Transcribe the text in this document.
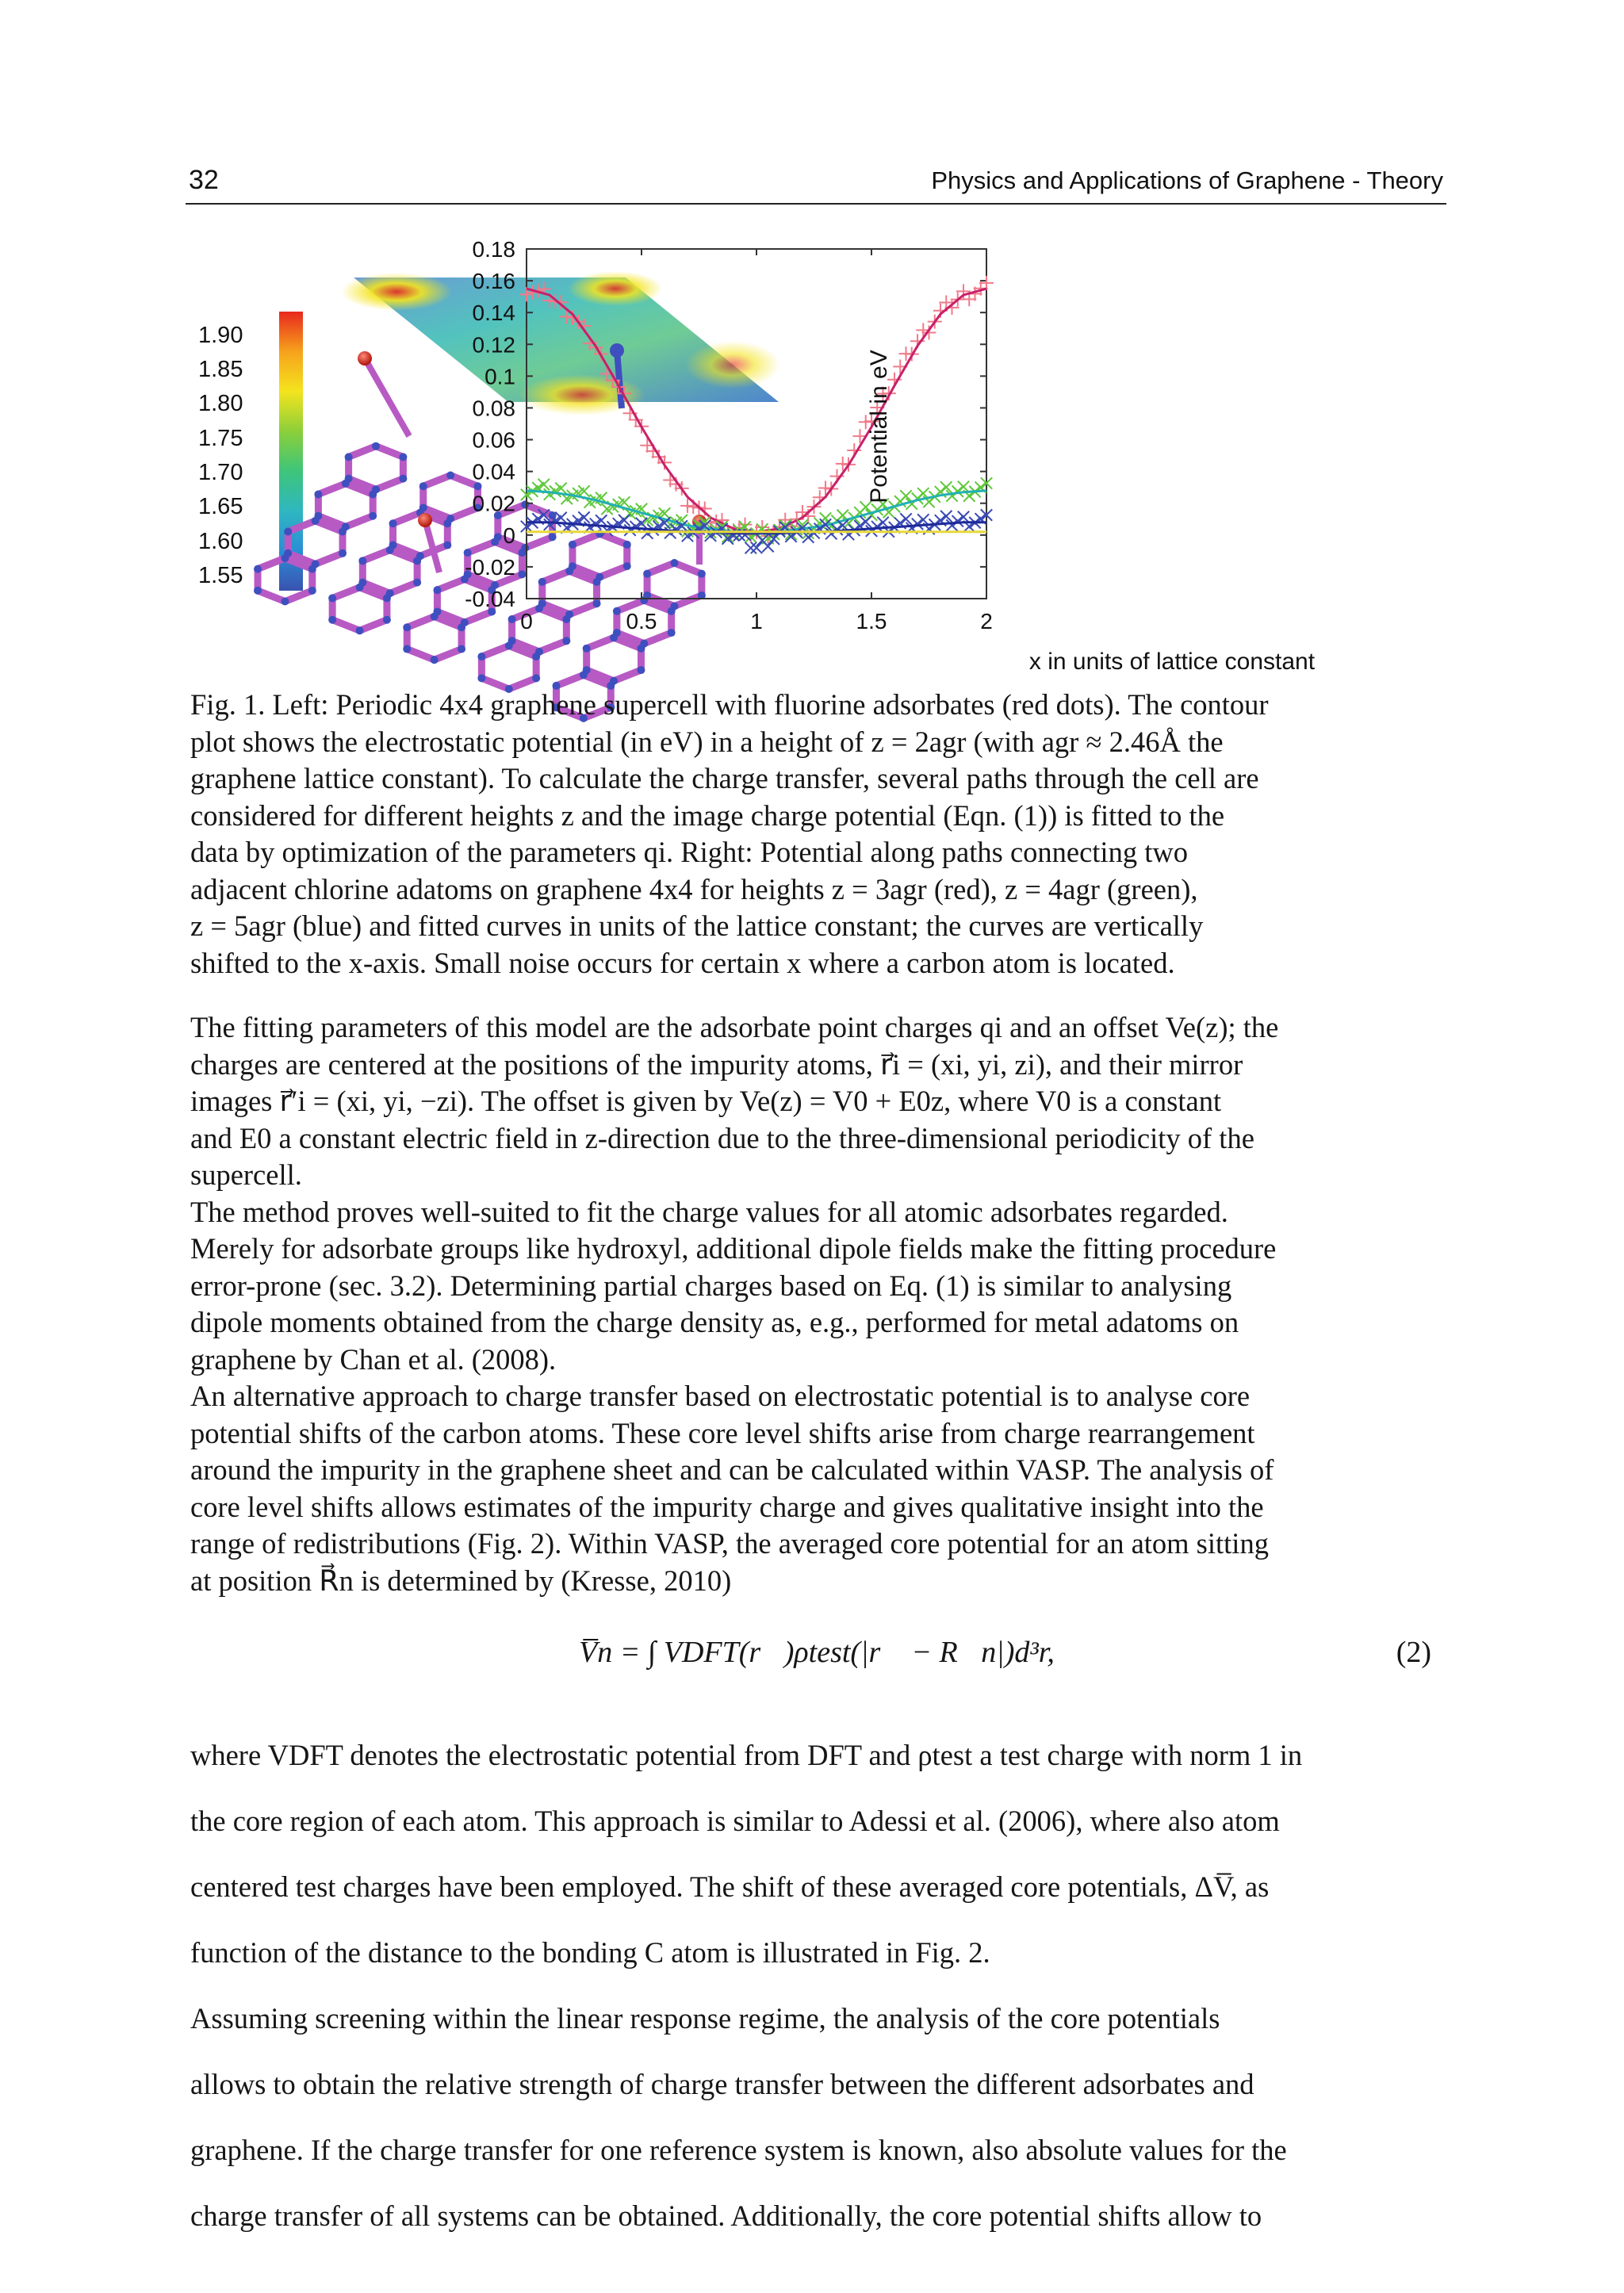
32	Physics and Applications of Graphene - Theory
1.90
1.85
1.80
1.75
1.70
1.65
1.60
1.55
-0.04
-0.02
0
0.02
0.04
0.06
0.08
0.1
0.12
0.14
0.16
0.18
0	0.5	1	1.5	2
Potential in eV
x in units of lattice constant

Fig. 1. Left: Periodic 4x4 graphene supercell with fluorine adsorbates (red dots). The contour

plot shows the electrostatic potential (in eV) in a height of z = 2agr (with agr ≈ 2.46Å the

graphene lattice constant). To calculate the charge transfer, several paths through the cell are

considered for different heights z and the image charge potential (Eqn. (1)) is fitted to the

data by optimization of the parameters qi. Right: Potential along paths connecting two

adjacent chlorine adatoms on graphene 4x4 for heights z = 3agr (red), z = 4agr (green),

z = 5agr (blue) and fitted curves in units of the lattice constant; the curves are vertically

shifted to the x-axis. Small noise occurs for certain x where a carbon atom is located.

The fitting parameters of this model are the adsorbate point charges qi and an offset Ve(z); the

charges are centered at the positions of the impurity atoms, r⃗i = (xi, yi, zi), and their mirror

images r⃗′i = (xi, yi, −zi). The offset is given by Ve(z) = V0 + E0z, where V0 is a constant

and E0 a constant electric field in z-direction due to the three-dimensional periodicity of the

supercell.

The method proves well-suited to fit the charge values for all atomic adsorbates regarded.

Merely for adsorbate groups like hydroxyl, additional dipole fields make the fitting procedure

error-prone (sec. 3.2). Determining partial charges based on Eq. (1) is similar to analysing

dipole moments obtained from the charge density as, e.g., performed for metal adatoms on

graphene by Chan et al. (2008).

An alternative approach to charge transfer based on electrostatic potential is to analyse core

potential shifts of the carbon atoms. These core level shifts arise from charge rearrangement

around the impurity in the graphene sheet and can be calculated within VASP. The analysis of

core level shifts allows estimates of the impurity charge and gives qualitative insight into the

range of redistributions (Fig. 2). Within VASP, the averaged core potential for an atom sitting

at position R⃗n is determined by (Kresse, 2010)

V̅n = ∫ VDFT(r⃗)ρtest(|r⃗ − R⃗n|)d³r,	(2)

where VDFT denotes the electrostatic potential from DFT and ρtest a test charge with norm 1 in

the core region of each atom. This approach is similar to Adessi et al. (2006), where also atom

centered test charges have been employed. The shift of these averaged core potentials, ΔV̅, as

function of the distance to the bonding C atom is illustrated in Fig. 2.

Assuming screening within the linear response regime, the analysis of the core potentials

allows to obtain the relative strength of charge transfer between the different adsorbates and

graphene. If the charge transfer for one reference system is known, also absolute values for the

charge transfer of all systems can be obtained. Additionally, the core potential shifts allow to
